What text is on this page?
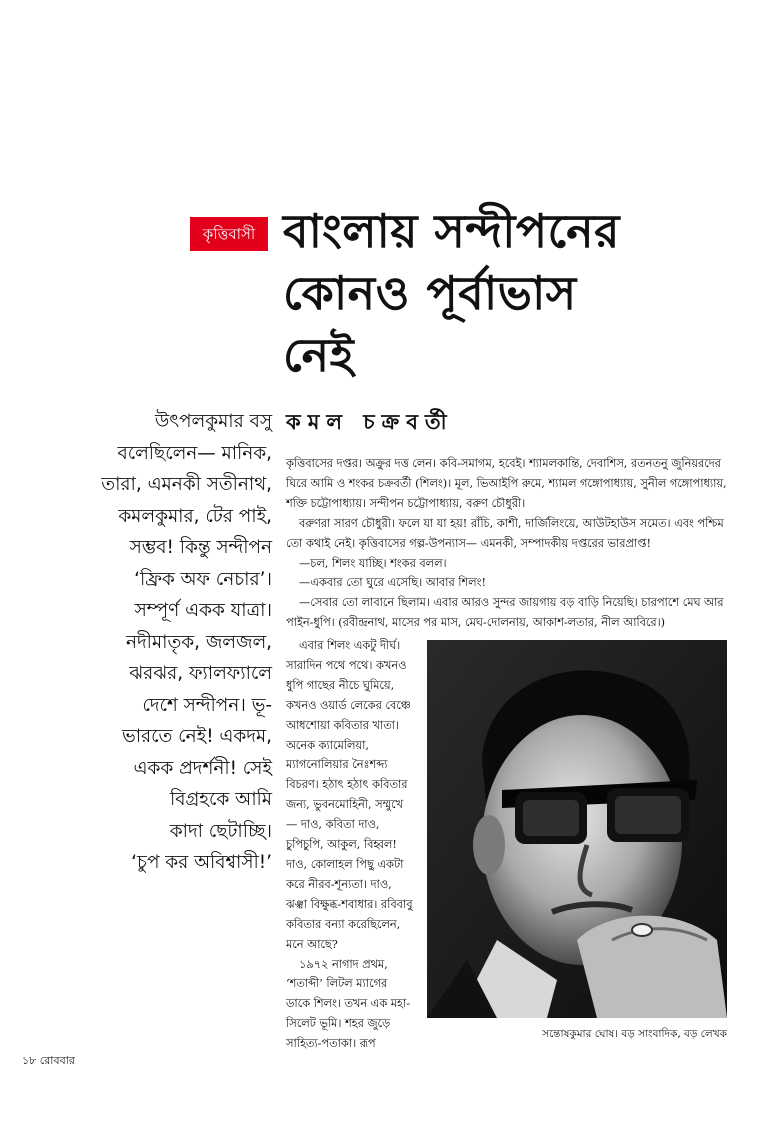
কৃত্তিবাসী বাংলায় সন্দীপনের
কোনও পূর্বাভাস
নেই
কমল চক্রবর্তী
উৎপলকুমার বসু
বলেছিলেন— মানিক,
তারা, এমনকী সতীনাথ,
কমলকুমার, টের পাই,
সম্ভব! কিন্তু সন্দীপন
‘ফ্রিক অফ নেচার’।
সম্পূর্ণ একক যাত্রা।
নদীমাতৃক, জলজল,
ঝরঝর, ফ্যালফ্যালে
দেশে সন্দীপন। ভূ-
ভারতে নেই! একদম,
একক প্রদর্শনী! সেই
বিগ্রহকে আমি
কাদা ছেটাচ্ছি।
‘চুপ কর অবিশ্বাসী!’

কৃত্তিবাসের দপ্তর। অক্রুর দত্ত লেন। কবি-সমাগম, হবেই। শ্যামলকান্তি, দেবাশিস, রতনতনু জুনিয়রদের ঘিরে আমি ও শংকর চক্রবর্তী (শিলং)। মূল, ভিআইপি রুমে, শ্যামল গঙ্গোপাধ্যায়, সুনীল গঙ্গোপাধ্যায়, শক্তি চট্টোপাধ্যায়। সন্দীপন চট্টোপাধ্যায়, বরুণ চৌধুরী।

বরুণরা সারণ চৌধুরী। ফলে যা যা হয়! রাঁচি, কাশী, দার্জিলিংয়ে, আউটহাউস সমেত। এবং পশ্চিম তো কথাই নেই। কৃত্তিবাসের গল্প-উপন্যাস— এমনকী, সম্পাদকীয় দপ্তরের ভারপ্রাপ্ত!

—চল, শিলং যাচ্ছি। শংকর বলল।

—একবার তো ঘুরে এসেছি। আবার শিলং!

—সেবার তো লাবানে ছিলাম। এবার আরও সুন্দর জায়গায় বড় বাড়ি নিয়েছি। চারপাশে মেঘ আর পাইন-ধুপি। (রবীন্দ্রনাথ, মাসের পর মাস, মেঘ-দোলনায়, আকাশ-লতার, নীল আবিরে।)

এবার শিলং একটু দীর্ঘ। সারাদিন পথে পথে। কখনও ধুপি গাছের নীচে ঘুমিয়ে, কখনও ওয়ার্ড লেকের বেঞ্চে আধশোয়া কবিতার খাতা। অনেক ক্যামেলিয়া, ম্যাগনোলিয়ার নৈঃশব্দ্য বিচরণ। হঠাৎ হঠাৎ কবিতার জন্য, ভুবনমোহিনী, সম্মুখে— দাও, কবিতা দাও, চুপিচুপি, আকুল, বিহ্বল! দাও, কোলাহল পিছু একটা করে নীরব-শূন্যতা। দাও, ঝঞ্ঝা বিক্ষুব্ধ-শবাধার। রবিবাবু কবিতার বন্যা করেছিলেন, মনে আছে?

১৯৭২ নাগাদ প্রথম, ‘শতাব্দী’ লিটল ম্যাগের ডাকে শিলং। তখন এক মহা-সিলেট ভূমি। শহর জুড়ে সাহিত্য-পতাকা। রূপ

সন্তোষকুমার ঘোষ। বড় সাংবাদিক, বড় লেখক
১৮ রোববার
